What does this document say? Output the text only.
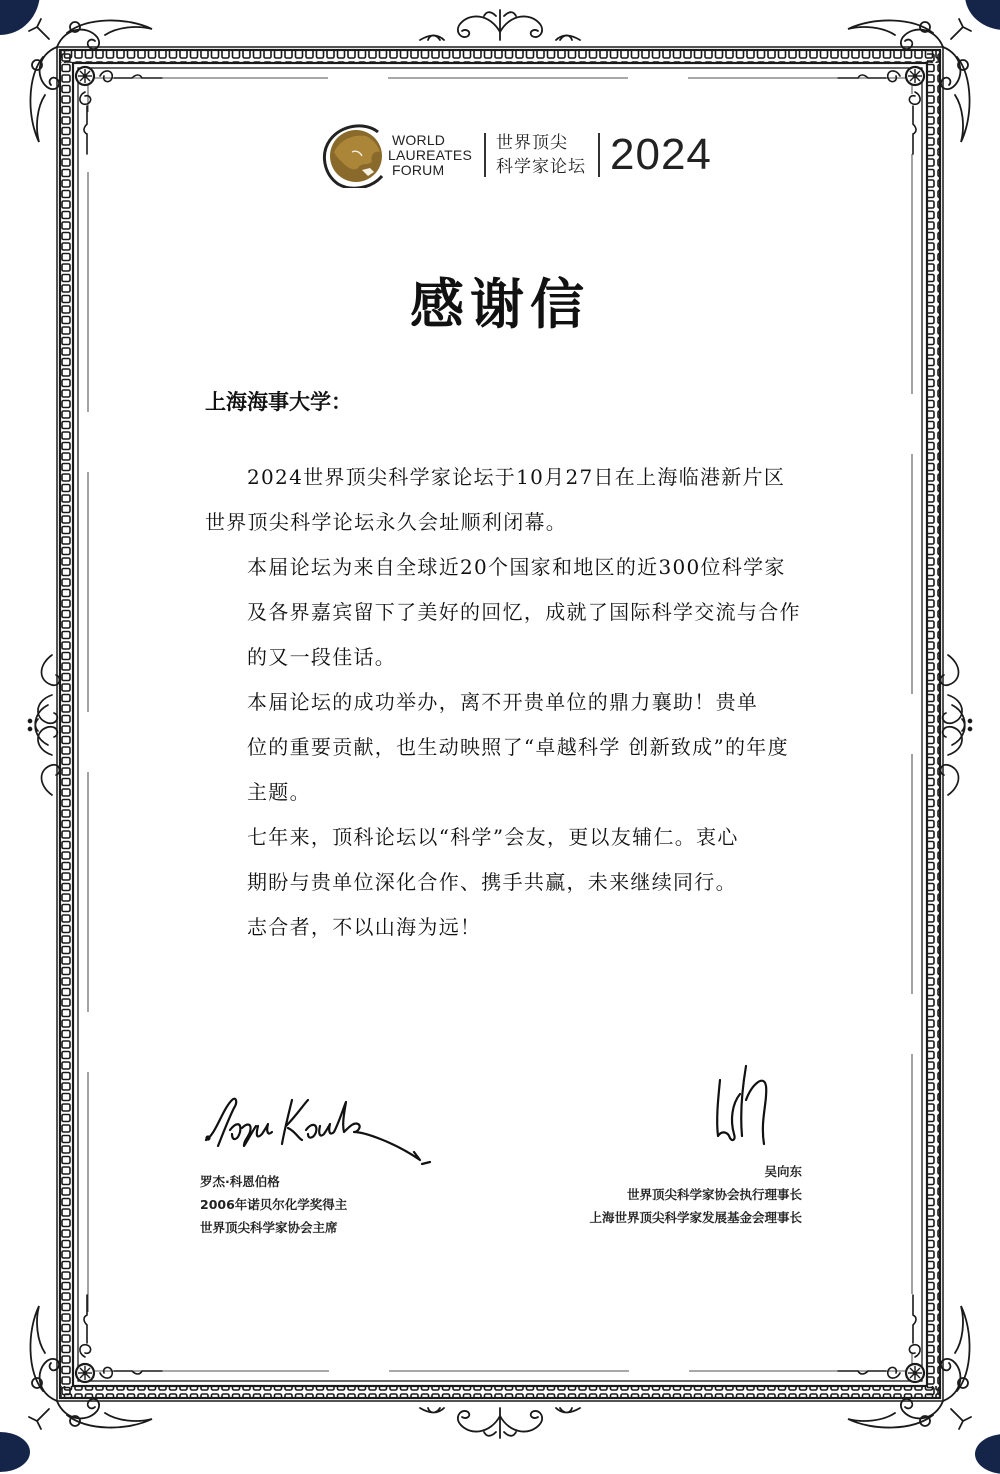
WORLD
LAUREATES
FORUM
世界顶尖
科学家论坛 2024
感谢信
上海海事大学：

2024世界顶尖科学家论坛于10月27日在上海临港新片区
世界顶尖科学论坛永久会址顺利闭幕。

本届论坛为来自全球近20个国家和地区的近300位科学家
及各界嘉宾留下了美好的回忆，成就了国际科学交流与合作
的又一段佳话。

本届论坛的成功举办，离不开贵单位的鼎力襄助！贵单
位的重要贡献，也生动映照了“卓越科学 创新致成”的年度
主题。

七年来，顶科论坛以“科学”会友，更以友辅仁。衷心
期盼与贵单位深化合作、携手共赢，未来继续同行。

志合者，不以山海为远！

罗杰·科恩伯格
2006年诺贝尔化学奖得主
世界顶尖科学家协会主席
吴向东
世界顶尖科学家协会执行理事长
上海世界顶尖科学家发展基金会理事长
